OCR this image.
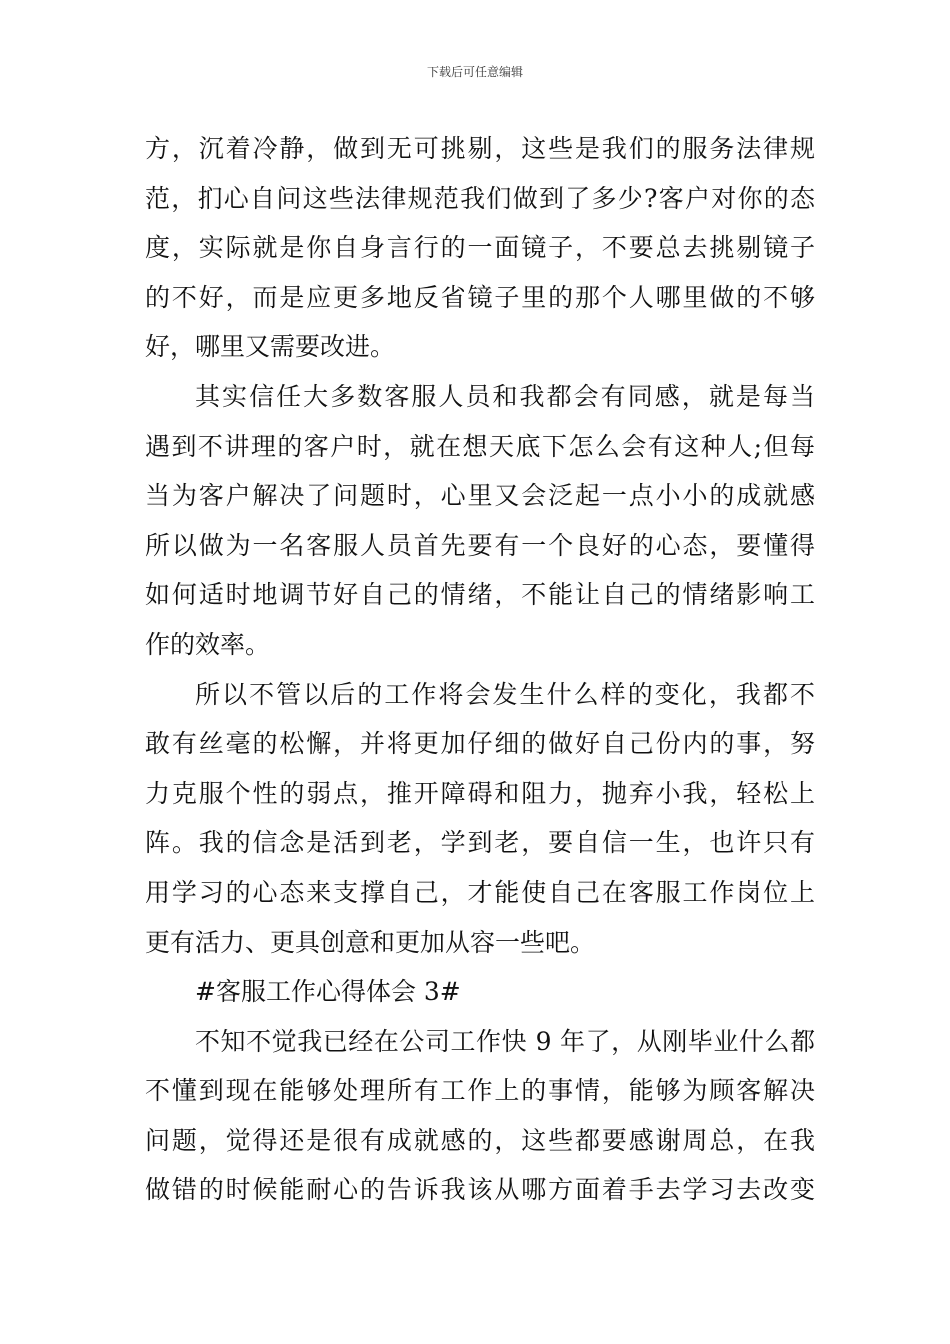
下载后可任意编辑
方，沉着冷静，做到无可挑剔，这些是我们的服务法律规
范，扪心自问这些法律规范我们做到了多少?客户对你的态
度，实际就是你自身言行的一面镜子，不要总去挑剔镜子
的不好，而是应更多地反省镜子里的那个人哪里做的不够
好，哪里又需要改进。
其实信任大多数客服人员和我都会有同感，就是每当
遇到不讲理的客户时，就在想天底下怎么会有这种人;但每
当为客户解决了问题时，心里又会泛起一点小小的成就感
所以做为一名客服人员首先要有一个良好的心态，要懂得
如何适时地调节好自己的情绪，不能让自己的情绪影响工
作的效率。
所以不管以后的工作将会发生什么样的变化，我都不
敢有丝毫的松懈，并将更加仔细的做好自己份内的事，努
力克服个性的弱点，推开障碍和阻力，抛弃小我，轻松上
阵。我的信念是活到老，学到老，要自信一生，也许只有
用学习的心态来支撑自己，才能使自己在客服工作岗位上
更有活力、更具创意和更加从容一些吧。
#客服工作心得体会 3#
不知不觉我已经在公司工作快 9 年了，从刚毕业什么都
不懂到现在能够处理所有工作上的事情，能够为顾客解决
问题，觉得还是很有成就感的，这些都要感谢周总，在我
做错的时候能耐心的告诉我该从哪方面着手去学习去改变
